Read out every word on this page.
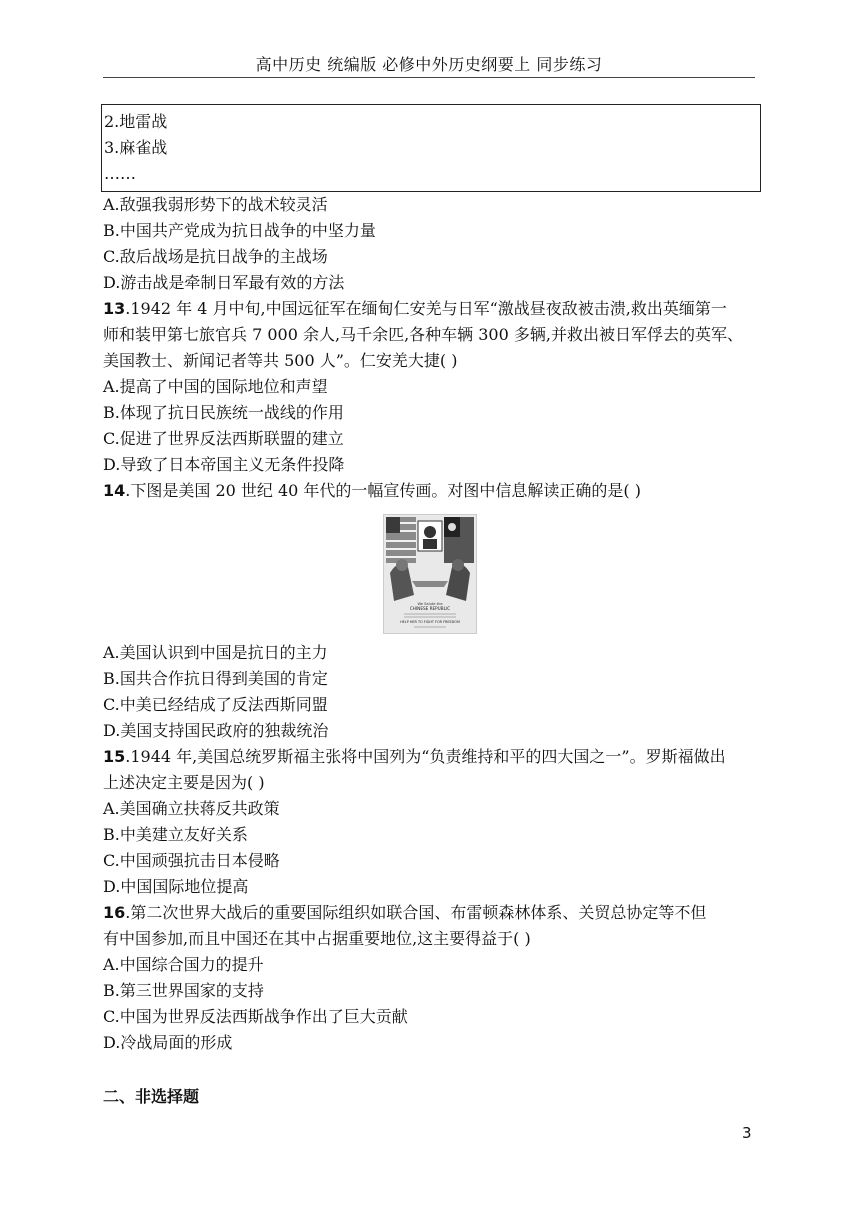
高中历史 统编版 必修中外历史纲要上 同步练习
2.地雷战
3.麻雀战
……
A.敌强我弱形势下的战术较灵活
B.中国共产党成为抗日战争的中坚力量
C.敌后战场是抗日战争的主战场
D.游击战是牵制日军最有效的方法
13.1942 年 4 月中旬,中国远征军在缅甸仁安羌与日军“激战昼夜敌被击溃,救出英缅第一
师和装甲第七旅官兵 7 000 余人,马千余匹,各种车辆 300 多辆,并救出被日军俘去的英军、
美国教士、新闻记者等共 500 人”。仁安羌大捷( )
A.提高了中国的国际地位和声望
B.体现了抗日民族统一战线的作用
C.促进了世界反法西斯联盟的建立
D.导致了日本帝国主义无条件投降
14.下图是美国 20 世纪 40 年代的一幅宣传画。对图中信息解读正确的是( )
We Salute the
CHINESE REPUBLIC
HELP HER TO FIGHT FOR FREEDOM
A.美国认识到中国是抗日的主力
B.国共合作抗日得到美国的肯定
C.中美已经结成了反法西斯同盟
D.美国支持国民政府的独裁统治
15.1944 年,美国总统罗斯福主张将中国列为“负责维持和平的四大国之一”。罗斯福做出
上述决定主要是因为( )
A.美国确立扶蒋反共政策
B.中美建立友好关系
C.中国顽强抗击日本侵略
D.中国国际地位提高
16.第二次世界大战后的重要国际组织如联合国、布雷顿森林体系、关贸总协定等不但
有中国参加,而且中国还在其中占据重要地位,这主要得益于( )
A.中国综合国力的提升
B.第三世界国家的支持
C.中国为世界反法西斯战争作出了巨大贡献
D.冷战局面的形成
二、非选择题
3
